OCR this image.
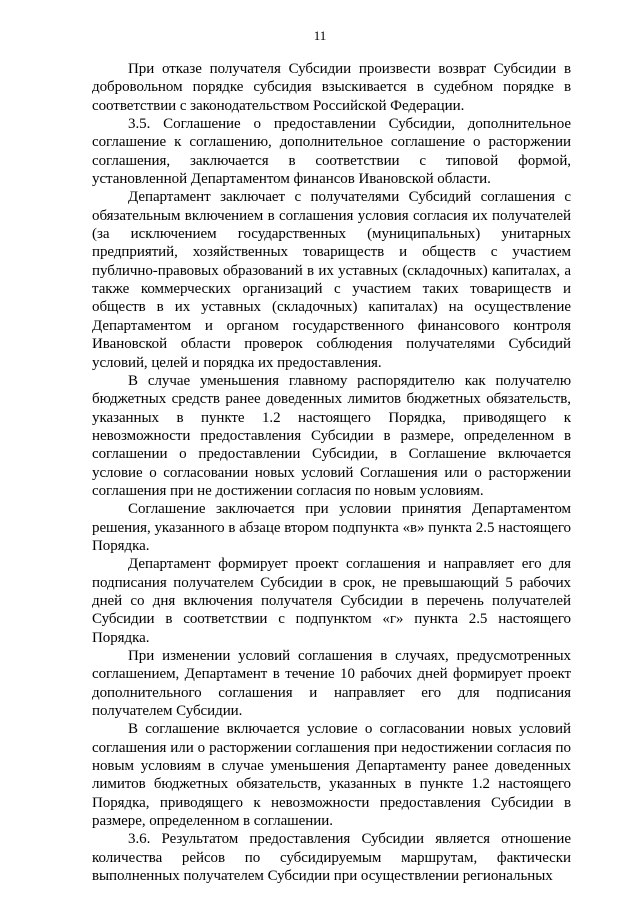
11

При отказе получателя Субсидии произвести возврат Субсидии в добровольном порядке субсидия взыскивается в судебном порядке в соответствии с законодательством Российской Федерации.

3.5. Соглашение о предоставлении Субсидии, дополнительное соглашение к соглашению, дополнительное соглашение о расторжении соглашения, заключается в соответствии с типовой формой, установленной Департаментом финансов Ивановской области.

Департамент заключает с получателями Субсидий соглашения с обязательным включением в соглашения условия согласия их получателей (за исключением государственных (муниципальных) унитарных предприятий, хозяйственных товариществ и обществ с участием публично-правовых образований в их уставных (складочных) капиталах, а также коммерческих организаций с участием таких товариществ и обществ в их уставных (складочных) капиталах) на осуществление Департаментом и органом государственного финансового контроля Ивановской области проверок соблюдения получателями Субсидий условий, целей и порядка их предоставления.

В случае уменьшения главному распорядителю как получателю бюджетных средств ранее доведенных лимитов бюджетных обязательств, указанных в пункте 1.2 настоящего Порядка, приводящего к невозможности предоставления Субсидии в размере, определенном в соглашении о предоставлении Субсидии, в Соглашение включается условие о согласовании новых условий Соглашения или о расторжении соглашения при не достижении согласия по новым условиям.

Соглашение заключается при условии принятия Департаментом решения, указанного в абзаце втором подпункта «в» пункта 2.5 настоящего Порядка.

Департамент формирует проект соглашения и направляет его для подписания получателем Субсидии в срок, не превышающий 5 рабочих дней со дня включения получателя Субсидии в перечень получателей Субсидии в соответствии с подпунктом «г» пункта 2.5 настоящего Порядка.

При изменении условий соглашения в случаях, предусмотренных соглашением, Департамент в течение 10 рабочих дней формирует проект дополнительного соглашения и направляет его для подписания получателем Субсидии.

В соглашение включается условие о согласовании новых условий соглашения или о расторжении соглашения при недостижении согласия по новым условиям в случае уменьшения Департаменту ранее доведенных лимитов бюджетных обязательств, указанных в пункте 1.2 настоящего Порядка, приводящего к невозможности предоставления Субсидии в размере, определенном в соглашении.

3.6. Результатом предоставления Субсидии является отношение количества рейсов по субсидируемым маршрутам, фактически выполненных получателем Субсидии при осуществлении региональных
